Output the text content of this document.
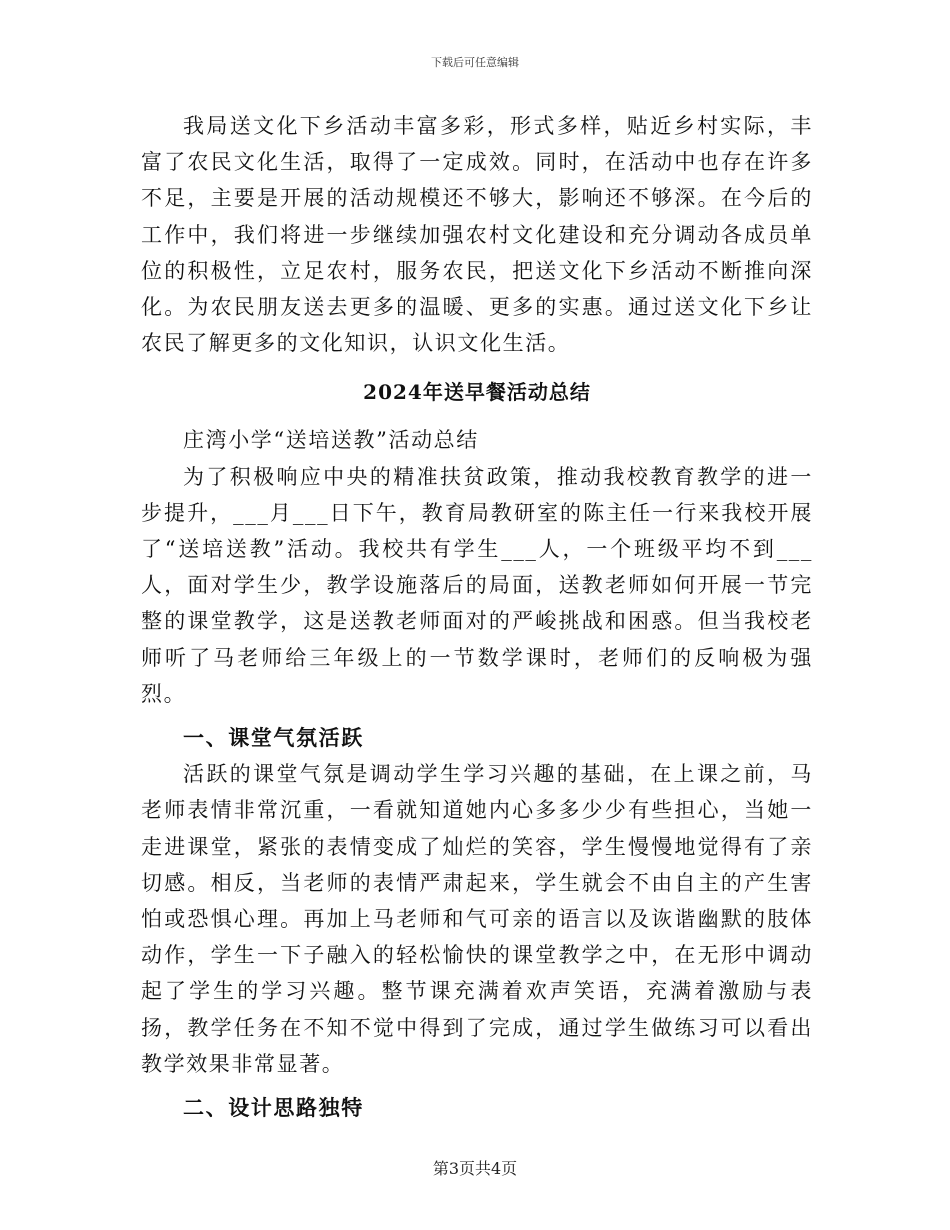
下载后可任意编辑

我局送文化下乡活动丰富多彩，形式多样，贴近乡村实际，丰富了农民文化生活，取得了一定成效。同时，在活动中也存在许多不足，主要是开展的活动规模还不够大，影响还不够深。在今后的工作中，我们将进一步继续加强农村文化建设和充分调动各成员单位的积极性，立足农村，服务农民，把送文化下乡活动不断推向深化。为农民朋友送去更多的温暖、更多的实惠。通过送文化下乡让农民了解更多的文化知识，认识文化生活。

2024年送早餐活动总结

庄湾小学“送培送教”活动总结

为了积极响应中央的精准扶贫政策，推动我校教育教学的进一步提升，___月___日下午，教育局教研室的陈主任一行来我校开展了“送培送教”活动。我校共有学生___人，一个班级平均不到___人，面对学生少，教学设施落后的局面，送教老师如何开展一节完整的课堂教学，这是送教老师面对的严峻挑战和困惑。但当我校老师听了马老师给三年级上的一节数学课时，老师们的反响极为强烈。

一、课堂气氛活跃

活跃的课堂气氛是调动学生学习兴趣的基础，在上课之前，马老师表情非常沉重，一看就知道她内心多多少少有些担心，当她一走进课堂，紧张的表情变成了灿烂的笑容，学生慢慢地觉得有了亲切感。相反，当老师的表情严肃起来，学生就会不由自主的产生害怕或恐惧心理。再加上马老师和气可亲的语言以及诙谐幽默的肢体动作，学生一下子融入的轻松愉快的课堂教学之中，在无形中调动起了学生的学习兴趣。整节课充满着欢声笑语，充满着激励与表扬，教学任务在不知不觉中得到了完成，通过学生做练习可以看出教学效果非常显著。

二、设计思路独特

第3页共4页
